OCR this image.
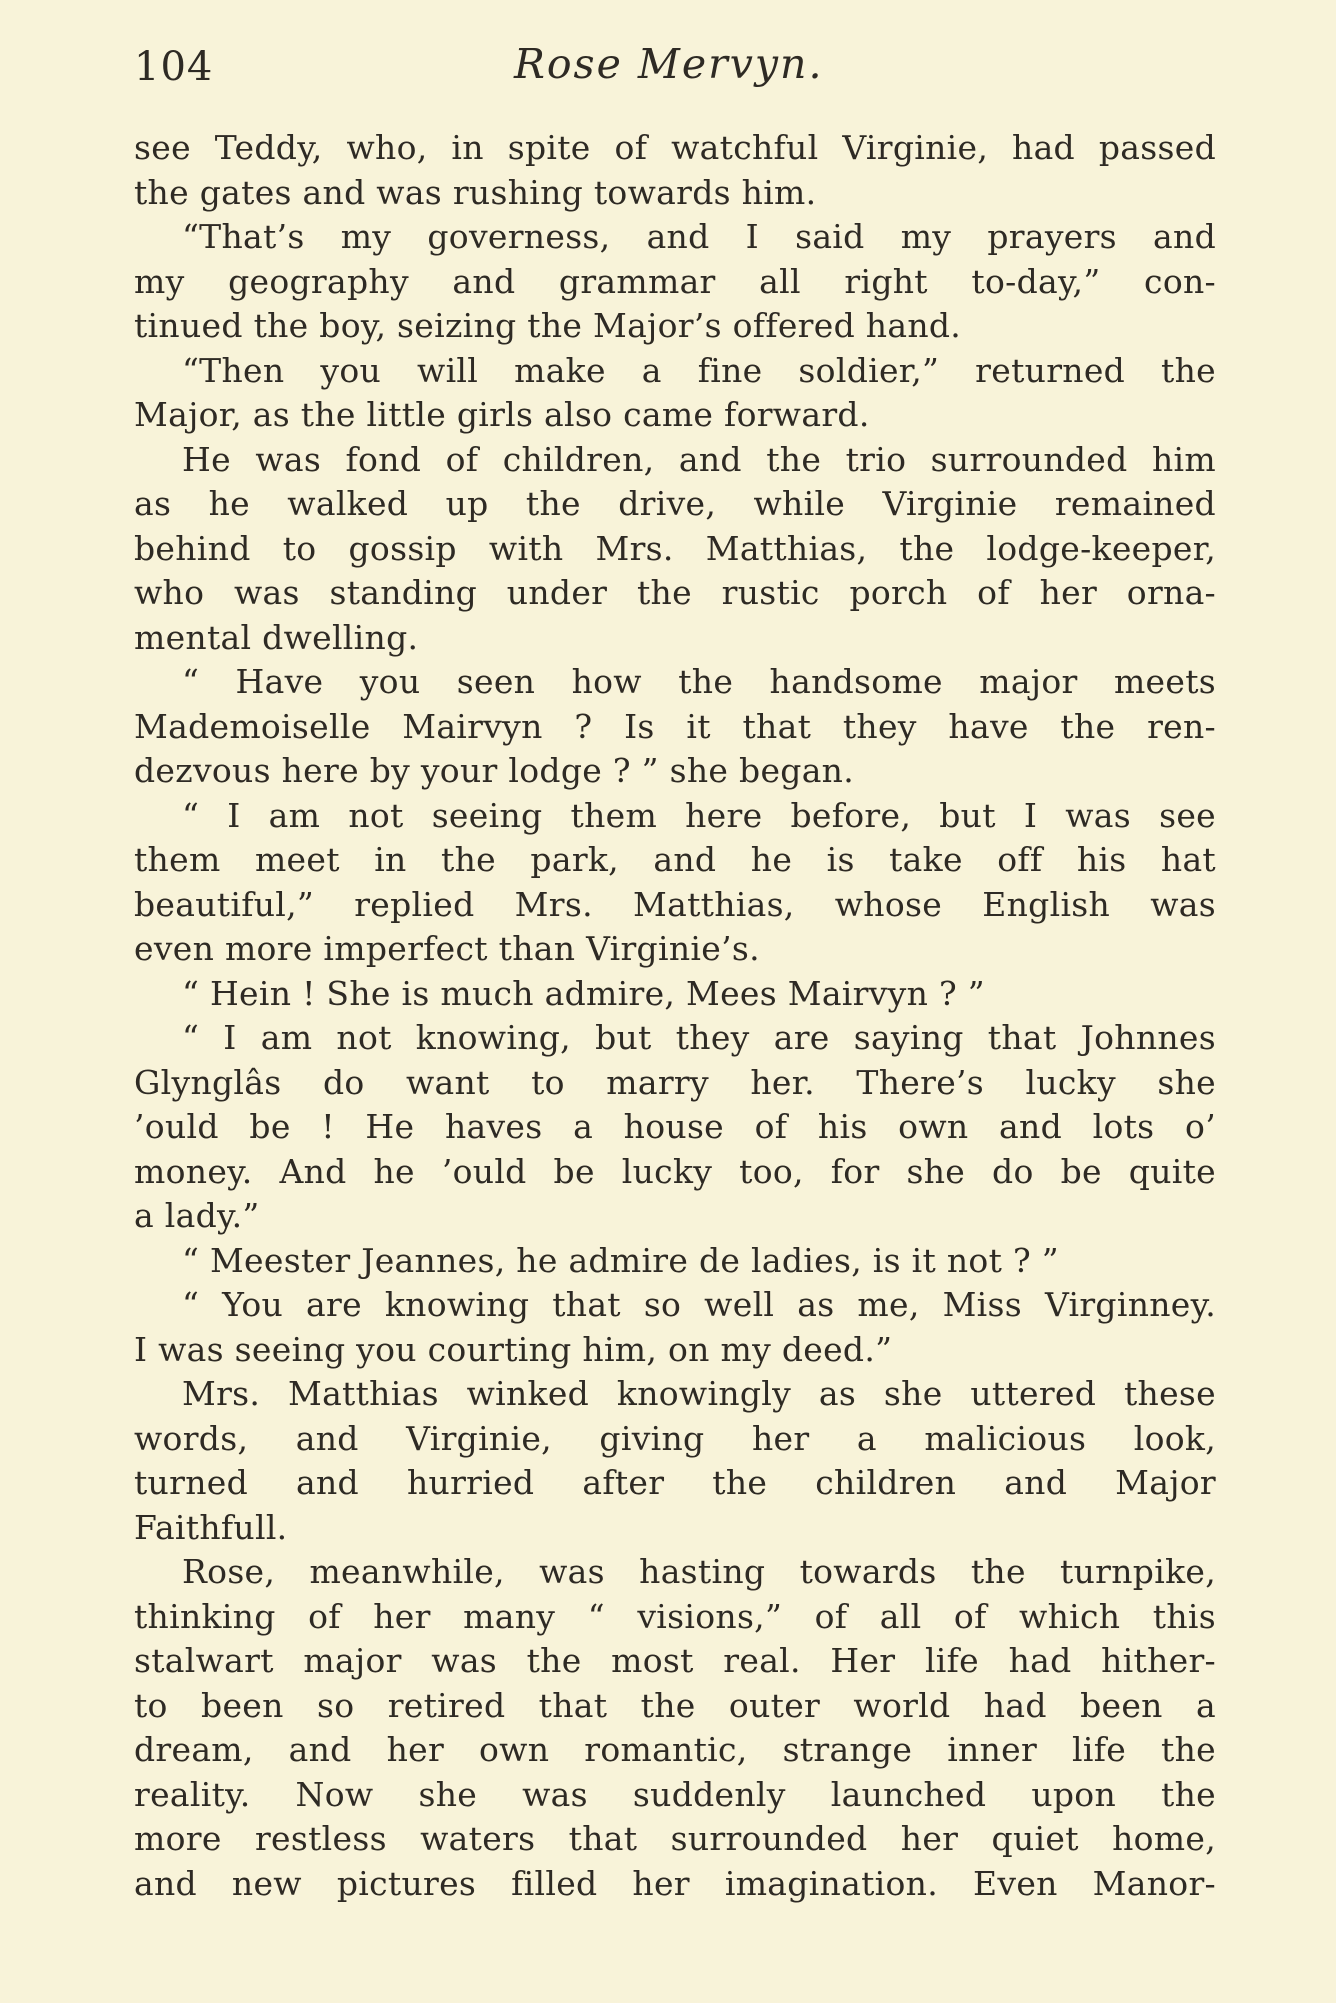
104	Rose Mervyn.
see Teddy, who, in spite of watchful Virginie, had passed
the gates and was rushing towards him.
“That’s my governess, and I said my prayers and
my geography and grammar all right to-day,” con-
tinued the boy, seizing the Major’s offered hand.
“Then you will make a fine soldier,” returned the
Major, as the little girls also came forward.
He was fond of children, and the trio surrounded him
as he walked up the drive, while Virginie remained
behind to gossip with Mrs. Matthias, the lodge-keeper,
who was standing under the rustic porch of her orna-
mental dwelling.
“ Have you seen how the handsome major meets
Mademoiselle Mairvyn ? Is it that they have the ren-
dezvous here by your lodge ? ” she began.
“ I am not seeing them here before, but I was see
them meet in the park, and he is take off his hat
beautiful,” replied Mrs. Matthias, whose English was
even more imperfect than Virginie’s.
“ Hein ! She is much admire, Mees Mairvyn ? ”
“ I am not knowing, but they are saying that Johnnes
Glynglâs do want to marry her. There’s lucky she
’ould be ! He haves a house of his own and lots o’
money. And he ’ould be lucky too, for she do be quite
a lady.”
“ Meester Jeannes, he admire de ladies, is it not ? ”
“ You are knowing that so well as me, Miss Virginney.
I was seeing you courting him, on my deed.”
Mrs. Matthias winked knowingly as she uttered these
words, and Virginie, giving her a malicious look,
turned and hurried after the children and Major
Faithfull.
Rose, meanwhile, was hasting towards the turnpike,
thinking of her many “ visions,” of all of which this
stalwart major was the most real. Her life had hither-
to been so retired that the outer world had been a
dream, and her own romantic, strange inner life the
reality. Now she was suddenly launched upon the
more restless waters that surrounded her quiet home,
and new pictures filled her imagination. Even Manor-
